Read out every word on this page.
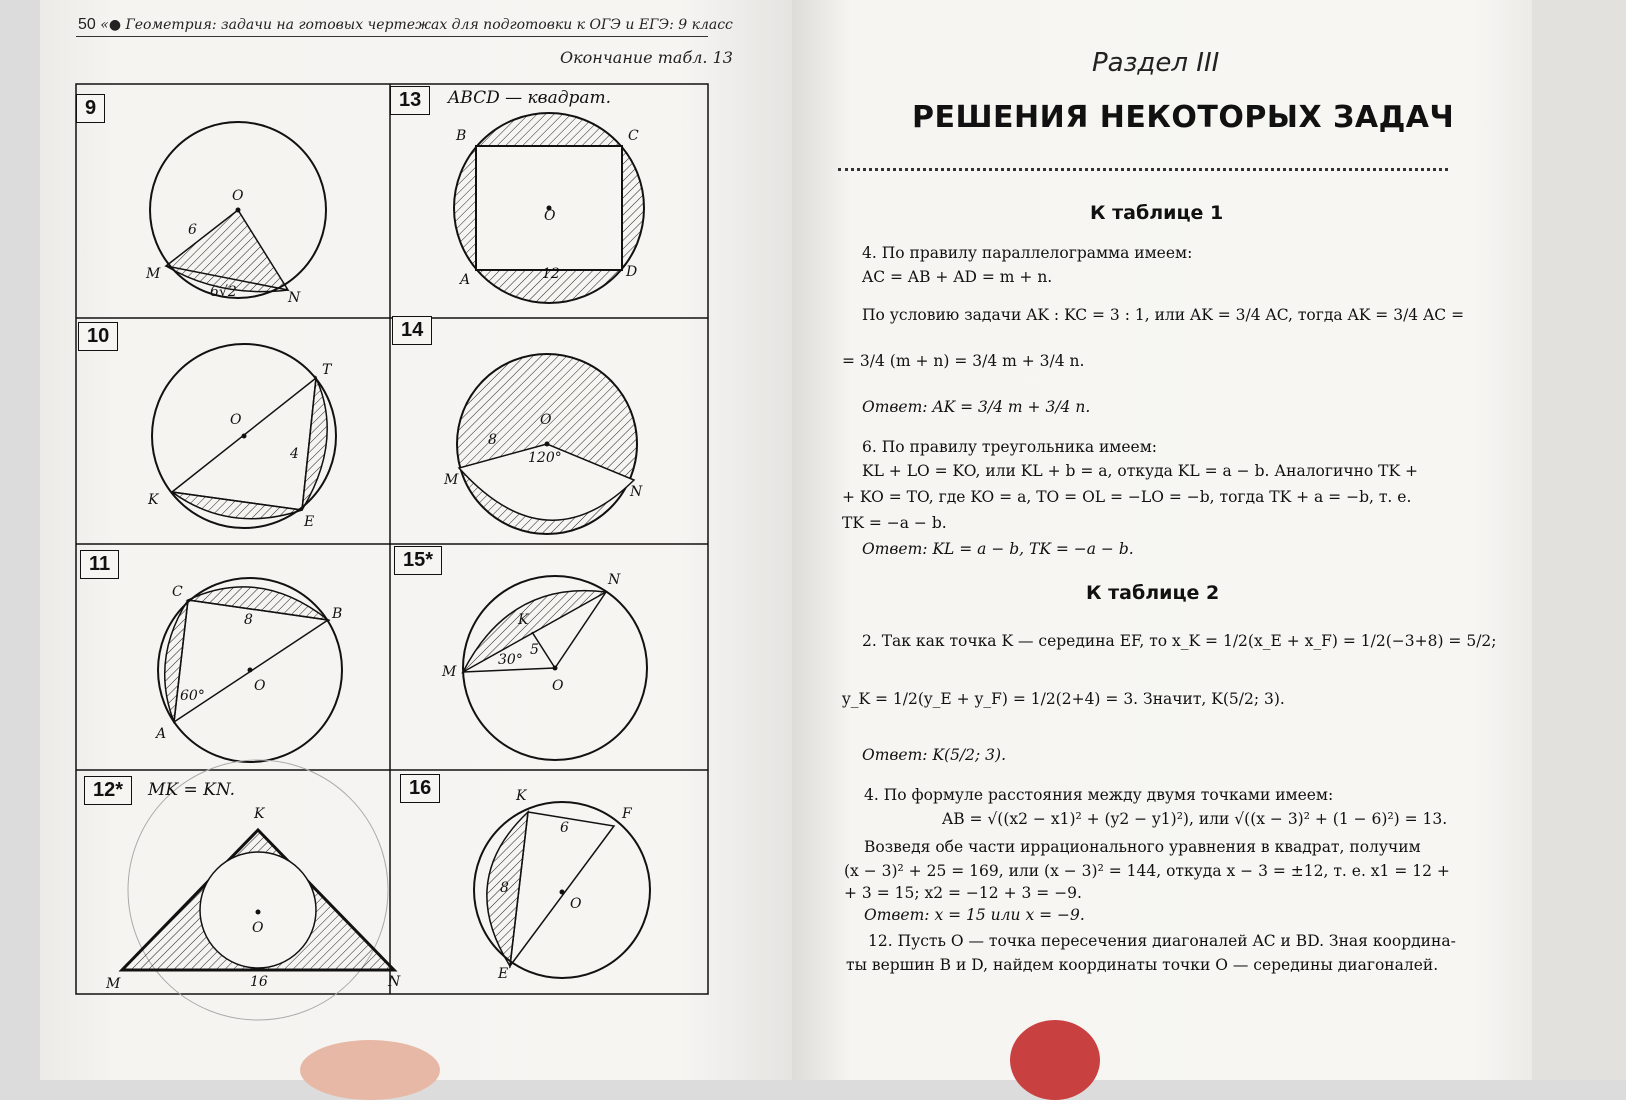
50 «● Геометрия: задачи на готовых чертежах для подготовки к ОГЭ и ЕГЭ: 9 класс
Окончание табл. 13
9	13	ABCD — квадрат.
10	14
11	15*
12*	MK = KN.	16
O
6
M
6√2	N
B	C
O
A	12	D
T
O
4
K
E
O
8
120°
M
N
C
8	B
O
60°
A
N
K
M
30°
5
O
K
O
M	16	N
K
6
F
8
O
E
Раздел III
РЕШЕНИЯ НЕКОТОРЫХ ЗАДАЧ
К таблице 1
4. По правилу параллелограмма имеем:
AC = AB + AD = m + n.
По условию задачи AK : KC = 3 : 1, или AK = 3/4 AC, тогда AK = 3/4 AC =
= 3/4 (m + n) = 3/4 m + 3/4 n.
Ответ: AK = 3/4 m + 3/4 n.
6. По правилу треугольника имеем:
KL + LO = KO, или KL + b = a, откуда KL = a − b. Аналогично TK +
+ KO = TO, где KO = a, TO = OL = −LO = −b, тогда TK + a = −b, т. е.
TK = −a − b.
Ответ: KL = a − b, TK = −a − b.
К таблице 2
2. Так как точка K — середина EF, то x_K = 1/2(x_E + x_F) = 1/2(−3+8) = 5/2;
y_K = 1/2(y_E + y_F) = 1/2(2+4) = 3. Значит, K(5/2; 3).
Ответ: K(5/2; 3).
4. По формуле расстояния между двумя точками имеем:
AB = √((x2 − x1)² + (y2 − y1)²), или √((x − 3)² + (1 − 6)²) = 13.
Возведя обе части иррационального уравнения в квадрат, получим
(x − 3)² + 25 = 169, или (x − 3)² = 144, откуда x − 3 = ±12, т. е. x1 = 12 +
+ 3 = 15; x2 = −12 + 3 = −9.
Ответ: x = 15 или x = −9.
12. Пусть O — точка пересечения диагоналей AC и BD. Зная координа-
ты вершин B и D, найдем координаты точки O — середины диагоналей.
